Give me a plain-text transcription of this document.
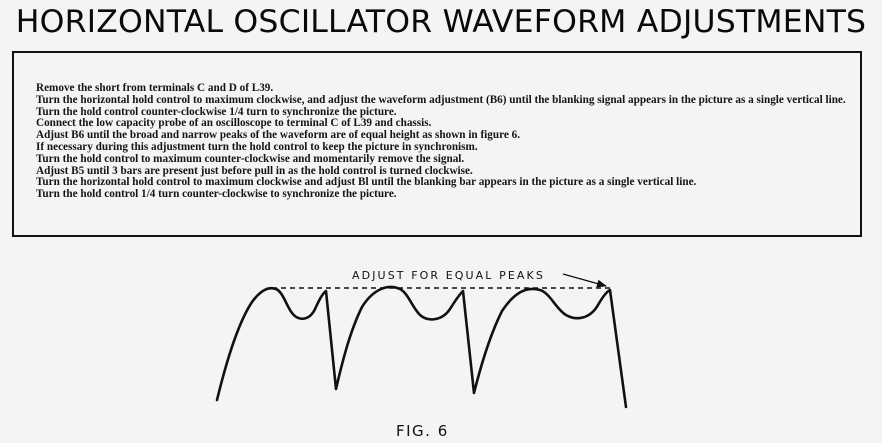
HORIZONTAL OSCILLATOR WAVEFORM ADJUSTMENTS
Remove the short from terminals C and D of L39.
Turn the horizontal hold control to maximum clockwise, and adjust the waveform adjustment (B6) until the blanking signal appears in the picture as a single vertical line.
Turn the hold control counter-clockwise 1/4 turn to synchronize the picture.
Connect the low capacity probe of an oscilloscope to terminal C of L39 and chassis.
Adjust B6 until the broad and narrow peaks of the waveform are of equal height as shown in figure 6.
If necessary during this adjustment turn the hold control to keep the picture in synchronism.
Turn the hold control to maximum counter-clockwise and momentarily remove the signal.
Adjust B5 until 3 bars are present just before pull in as the hold control is turned clockwise.
Turn the horizontal hold control to maximum clockwise and adjust Bl until the blanking bar appears in the picture as a single vertical line.
Turn the hold control 1/4 turn counter-clockwise to synchronize the picture.
ADJUST FOR EQUAL PEAKS
FIG. 6
